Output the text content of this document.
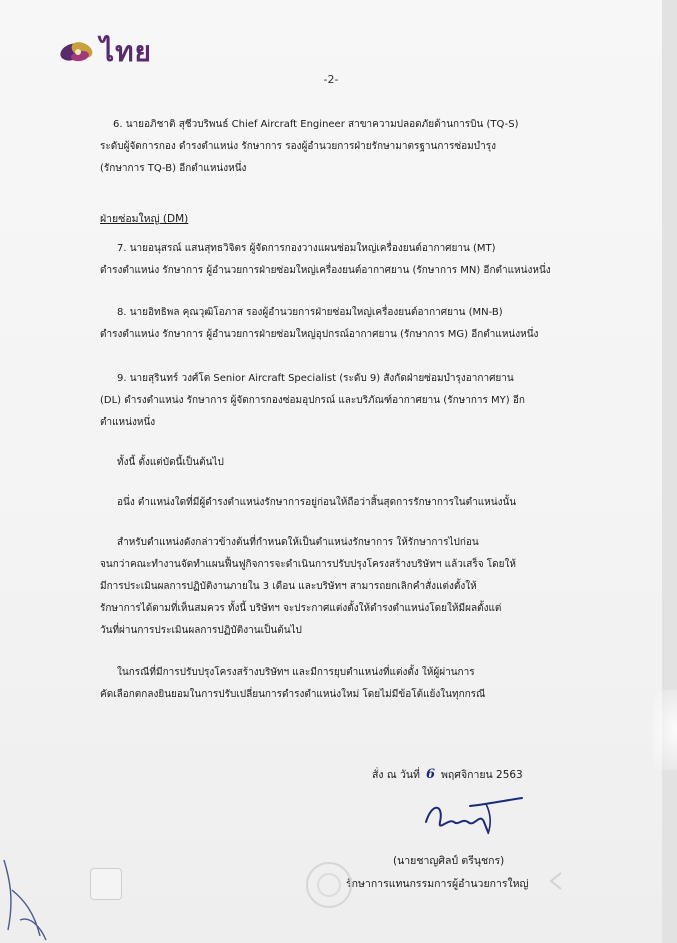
ไทย
-2-
6. นายอภิชาติ สุชีวบริพนธ์ Chief Aircraft Engineer สาขาความปลอดภัยด้านการบิน (TQ-S)
ระดับผู้จัดการกอง ดำรงตำแหน่ง รักษาการ รองผู้อำนวยการฝ่ายรักษามาตรฐานการซ่อมบำรุง
(รักษาการ TQ-B) อีกตำแหน่งหนึ่ง
7. นายอนุสรณ์ แสนสุทธวิจิตร ผู้จัดการกองวางแผนซ่อมใหญ่เครื่องยนต์อากาศยาน (MT)
ดำรงตำแหน่ง รักษาการ ผู้อำนวยการฝ่ายซ่อมใหญ่เครื่องยนต์อากาศยาน (รักษาการ MN) อีกตำแหน่งหนึ่ง
8. นายอิทธิพล คุณวุฒิโอภาส รองผู้อำนวยการฝ่ายซ่อมใหญ่เครื่องยนต์อากาศยาน (MN-B)
ดำรงตำแหน่ง รักษาการ ผู้อำนวยการฝ่ายซ่อมใหญ่อุปกรณ์อากาศยาน (รักษาการ MG) อีกตำแหน่งหนึ่ง
9. นายสุรินทร์ วงศ์โต Senior Aircraft Specialist (ระดับ 9) สังกัดฝ่ายซ่อมบำรุงอากาศยาน
(DL) ดำรงตำแหน่ง รักษาการ ผู้จัดการกองซ่อมอุปกรณ์ และบริภัณฑ์อากาศยาน (รักษาการ MY) อีก
ตำแหน่งหนึ่ง
ทั้งนี้ ตั้งแต่บัดนี้เป็นต้นไป
อนึ่ง ตำแหน่งใดที่มีผู้ดำรงตำแหน่งรักษาการอยู่ก่อนให้ถือว่าสิ้นสุดการรักษาการในตำแหน่งนั้น
สำหรับตำแหน่งดังกล่าวข้างต้นที่กำหนดให้เป็นตำแหน่งรักษาการ ให้รักษาการไปก่อน
จนกว่าคณะทำงานจัดทำแผนฟื้นฟูกิจการจะดำเนินการปรับปรุงโครงสร้างบริษัทฯ แล้วเสร็จ โดยให้
มีการประเมินผลการปฏิบัติงานภายใน 3 เดือน และบริษัทฯ สามารถยกเลิกคำสั่งแต่งตั้งให้
รักษาการได้ตามที่เห็นสมควร ทั้งนี้ บริษัทฯ จะประกาศแต่งตั้งให้ดำรงตำแหน่งโดยให้มีผลตั้งแต่
วันที่ผ่านการประเมินผลการปฏิบัติงานเป็นต้นไป
ในกรณีที่มีการปรับปรุงโครงสร้างบริษัทฯ และมีการยุบตำแหน่งที่แต่งตั้ง ให้ผู้ผ่านการ
คัดเลือกตกลงยินยอมในการปรับเปลี่ยนการดำรงตำแหน่งใหม่ โดยไม่มีข้อโต้แย้งในทุกกรณี
ฝ่ายซ่อมใหญ่ (DM)
สั่ง ณ วันที่ 6 พฤศจิกายน 2563
(นายชาญศิลป์ ตรีนุชกร)
รักษาการแทนกรรมการผู้อำนวยการใหญ่
